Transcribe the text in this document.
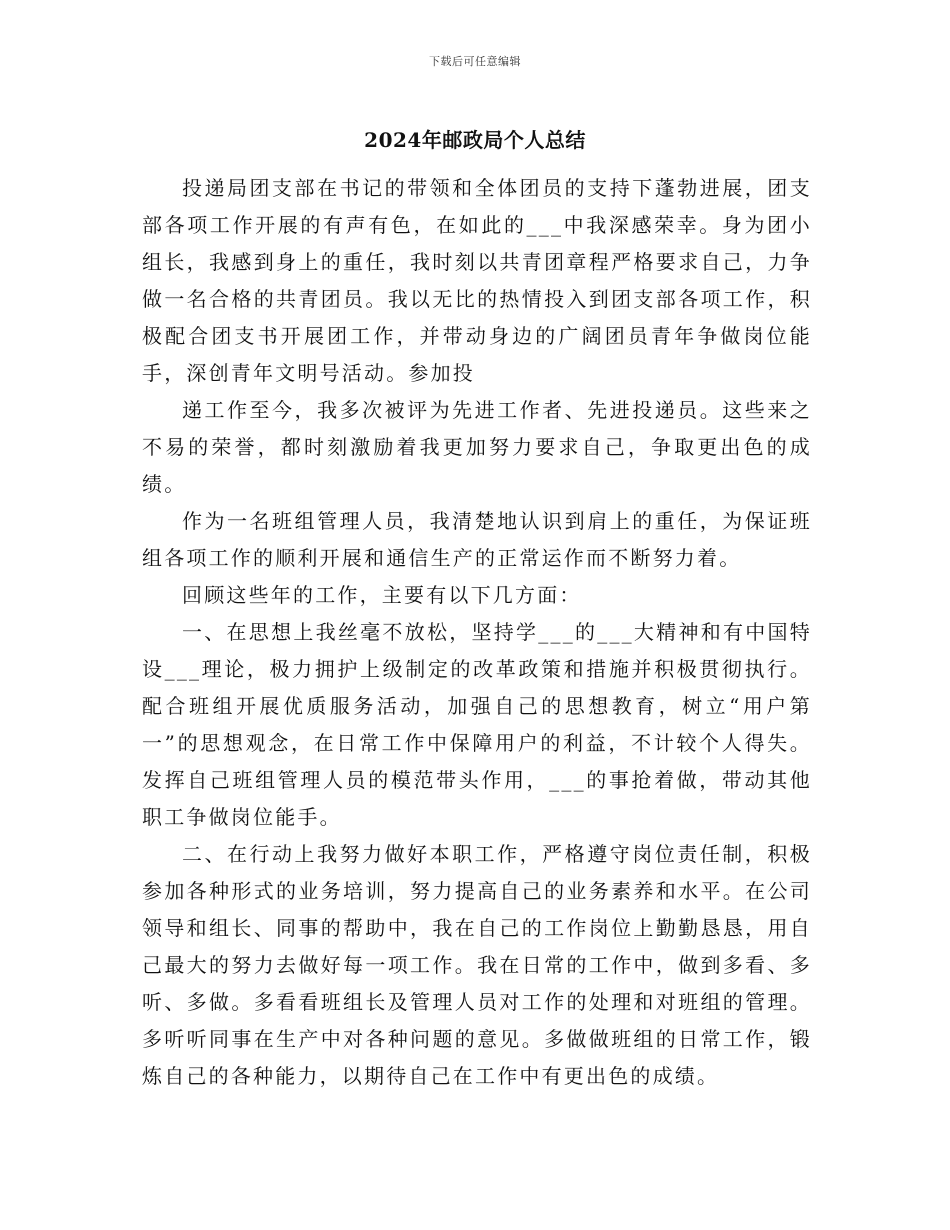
下载后可任意编辑
2024年邮政局个人总结

投递局团支部在书记的带领和全体团员的支持下蓬勃进展，团支部各项工作开展的有声有色，在如此的___中我深感荣幸。身为团小组长，我感到身上的重任，我时刻以共青团章程严格要求自己，力争做一名合格的共青团员。我以无比的热情投入到团支部各项工作，积极配合团支书开展团工作，并带动身边的广阔团员青年争做岗位能手，深创青年文明号活动。参加投

递工作至今，我多次被评为先进工作者、先进投递员。这些来之不易的荣誉，都时刻激励着我更加努力要求自己，争取更出色的成绩。

作为一名班组管理人员，我清楚地认识到肩上的重任，为保证班组各项工作的顺利开展和通信生产的正常运作而不断努力着。

回顾这些年的工作，主要有以下几方面：

一、在思想上我丝毫不放松，坚持学___的___大精神和有中国特设___理论，极力拥护上级制定的改革政策和措施并积极贯彻执行。配合班组开展优质服务活动，加强自己的思想教育，树立“用户第一”的思想观念，在日常工作中保障用户的利益，不计较个人得失。发挥自己班组管理人员的模范带头作用，___的事抢着做，带动其他职工争做岗位能手。

二、在行动上我努力做好本职工作，严格遵守岗位责任制，积极参加各种形式的业务培训，努力提高自己的业务素养和水平。在公司领导和组长、同事的帮助中，我在自己的工作岗位上勤勤恳恳，用自己最大的努力去做好每一项工作。我在日常的工作中，做到多看、多听、多做。多看看班组长及管理人员对工作的处理和对班组的管理。多听听同事在生产中对各种问题的意见。多做做班组的日常工作，锻炼自己的各种能力，以期待自己在工作中有更出色的成绩。
